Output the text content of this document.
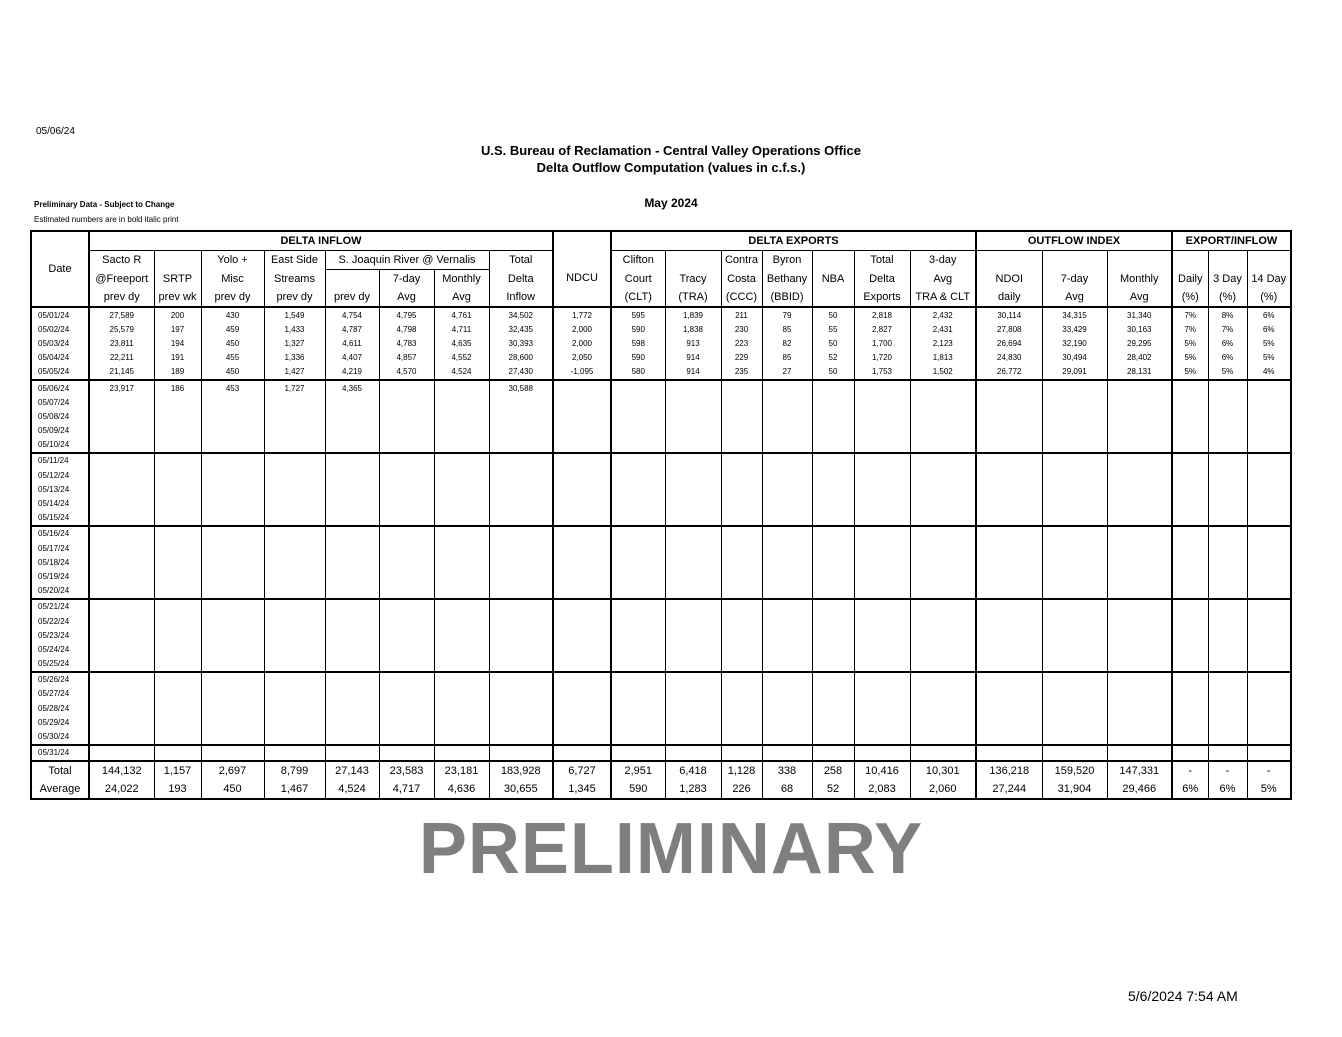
05/06/24
U.S. Bureau of Reclamation - Central Valley Operations Office
Delta Outflow Computation (values in c.f.s.)
May 2024
Preliminary Data - Subject to Change
Estimated numbers are in bold italic print
Date	DELTA INFLOW									DELTA EXPORTS							OUTFLOW INDEX			EXPORT/INFLOW		
	Sacto R		Yolo +	East Side	S. Joaquin River @ Vernalis			Total	NDCU	Clifton		Contra	Byron		Total	3-day						
	@Freeport	SRTP	Misc	Streams		7-day	Monthly	Delta		Court	Tracy	Costa	Bethany	NBA	Delta	Avg	NDOI	7-day	Monthly	Daily	3 Day	14 Day
	prev dy	prev wk	prev dy	prev dy	prev dy	Avg	Avg	Inflow		(CLT)	(TRA)	(CCC)	(BBID)		Exports	TRA & CLT	daily	Avg	Avg	(%)	(%)	(%)
05/01/24	27,589	200	430	1,549	4,754	4,795	4,761	34,502	1,772	595	1,839	211	79	50	2,818	2,432	30,114	34,315	31,340	7%	8%	6%
05/02/24	25,579	197	459	1,433	4,787	4,798	4,711	32,435	2,000	590	1,838	230	85	55	2,827	2,431	27,808	33,429	30,163	7%	7%	6%
05/03/24	23,811	194	450	1,327	4,611	4,783	4,635	30,393	2,000	598	913	223	82	50	1,700	2,123	26,694	32,190	29,295	5%	6%	5%
05/04/24	22,211	191	455	1,336	4,407	4,857	4,552	28,600	2,050	590	914	229	85	52	1,720	1,813	24,830	30,494	28,402	5%	6%	5%
05/05/24	21,145	189	450	1,427	4,219	4,570	4,524	27,430	-1,095	580	914	235	27	50	1,753	1,502	26,772	29,091	28,131	5%	5%	4%
05/06/24	23,917	186	453	1,727	4,365			30,588														
05/07/24																						
05/08/24																						
05/09/24																						
05/10/24																						
05/11/24																						
05/12/24																						
05/13/24																						
05/14/24																						
05/15/24																						
05/16/24																						
05/17/24																						
05/18/24																						
05/19/24																						
05/20/24																						
05/21/24																						
05/22/24																						
05/23/24																						
05/24/24																						
05/25/24																						
05/26/24																						
05/27/24																						
05/28/24																						
05/29/24																						
05/30/24																						
05/31/24																						
Total	144,132	1,157	2,697	8,799	27,143	23,583	23,181	183,928	6,727	2,951	6,418	1,128	338	258	10,416	10,301	136,218	159,520	147,331	-	-	-
Average	24,022	193	450	1,467	4,524	4,717	4,636	30,655	1,345	590	1,283	226	68	52	2,083	2,060	27,244	31,904	29,466	6%	6%	5%
PRELIMINARY
5/6/2024 7:54 AM
